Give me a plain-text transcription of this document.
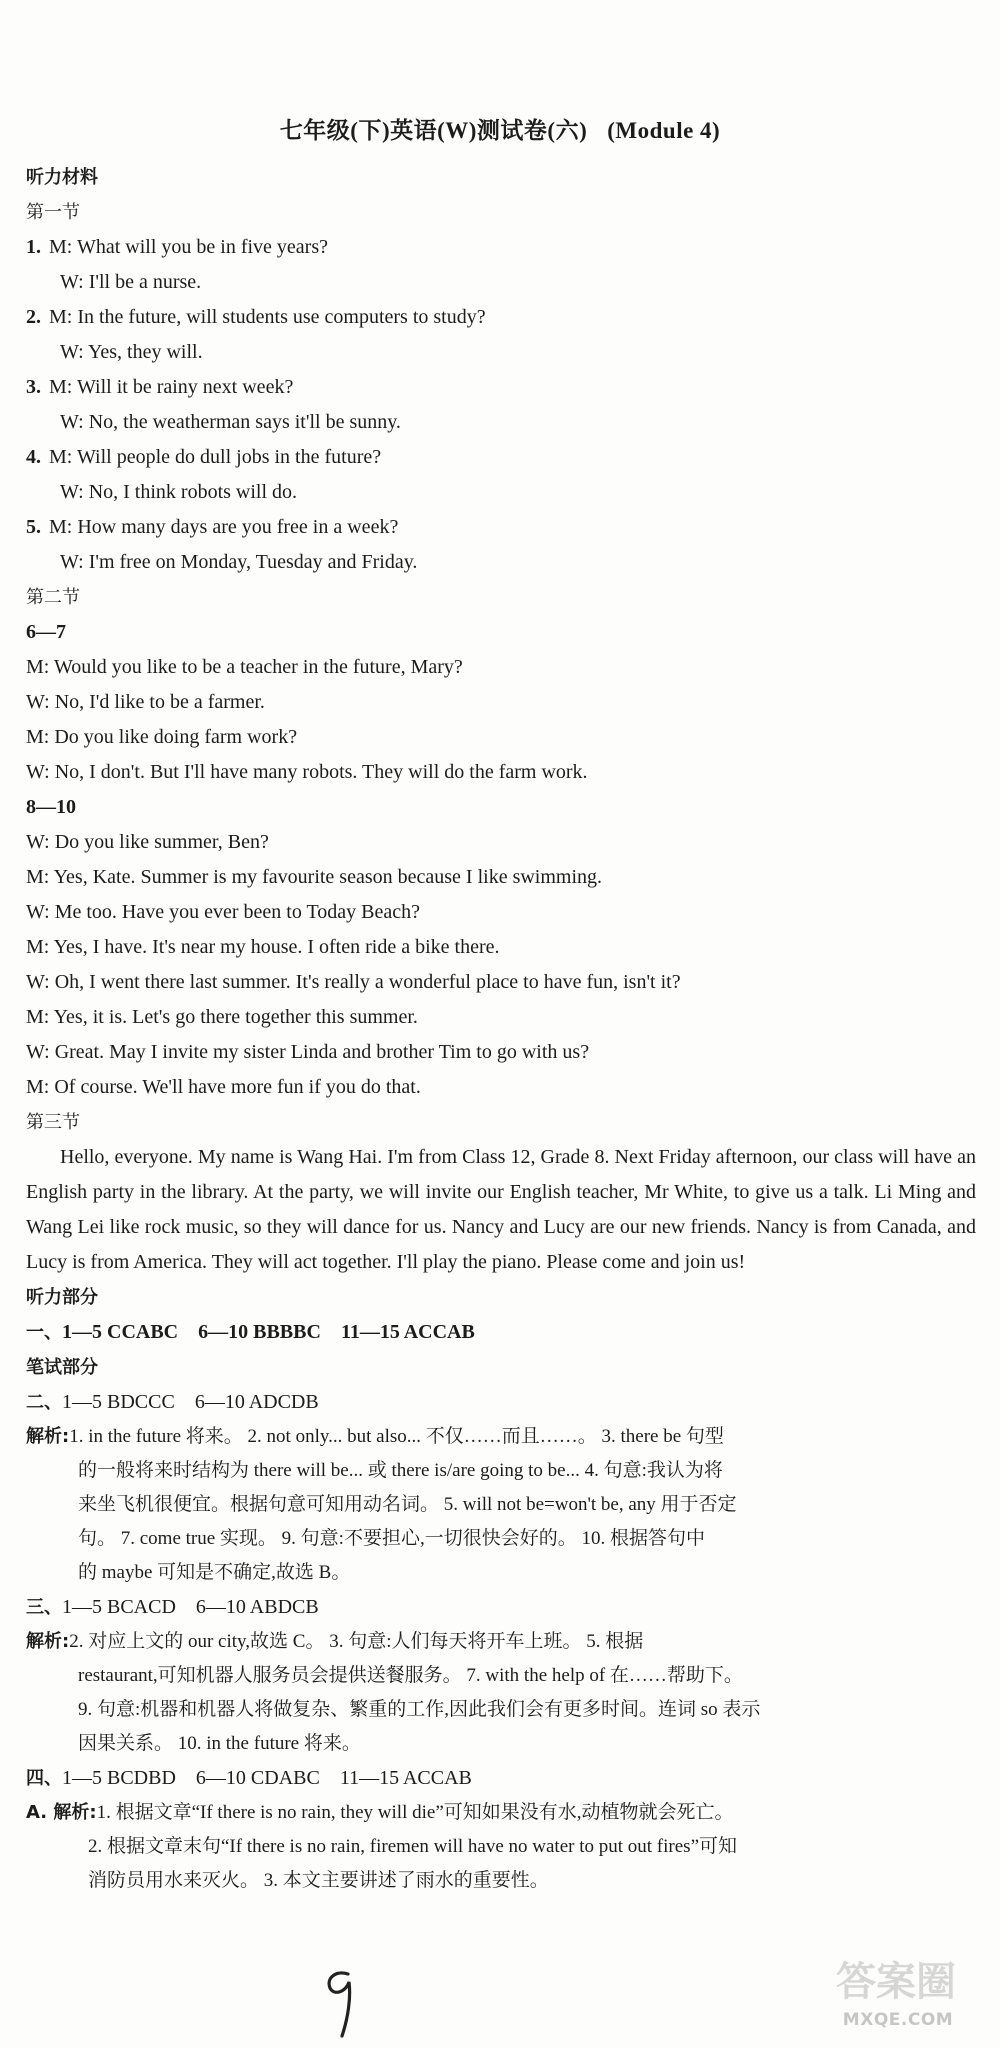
七年级(下)英语(W)测试卷(六) (Module 4)
听力材料
第一节
1. M: What will you be in five years?
W: I'll be a nurse.
2. M: In the future, will students use computers to study?
W: Yes, they will.
3. M: Will it be rainy next week?
W: No, the weatherman says it'll be sunny.
4. M: Will people do dull jobs in the future?
W: No, I think robots will do.
5. M: How many days are you free in a week?
W: I'm free on Monday, Tuesday and Friday.
第二节
6—7
M: Would you like to be a teacher in the future, Mary?
W: No, I'd like to be a farmer.
M: Do you like doing farm work?
W: No, I don't. But I'll have many robots. They will do the farm work.
8—10
W: Do you like summer, Ben?
M: Yes, Kate. Summer is my favourite season because I like swimming.
W: Me too. Have you ever been to Today Beach?
M: Yes, I have. It's near my house. I often ride a bike there.
W: Oh, I went there last summer. It's really a wonderful place to have fun, isn't it?
M: Yes, it is. Let's go there together this summer.
W: Great. May I invite my sister Linda and brother Tim to go with us?
M: Of course. We'll have more fun if you do that.
第三节
Hello, everyone. My name is Wang Hai. I'm from Class 12, Grade 8. Next Friday afternoon, our class will have an English party in the library. At the party, we will invite our English teacher, Mr White, to give us a talk. Li Ming and Wang Lei like rock music, so they will dance for us. Nancy and Lucy are our new friends. Nancy is from Canada, and Lucy is from America. They will act together. I'll play the piano. Please come and join us!
听力部分
一、1—5 CCABC 6—10 BBBBC 11—15 ACCAB
笔试部分
二、1—5 BDCCC 6—10 ADCDB
解析:1. in the future 将来。 2. not only... but also... 不仅……而且……。 3. there be 句型
的一般将来时结构为 there will be... 或 there is/are going to be... 4. 句意:我认为将
来坐飞机很便宜。根据句意可知用动名词。 5. will not be=won't be, any 用于否定
句。 7. come true 实现。 9. 句意:不要担心,一切很快会好的。 10. 根据答句中
的 maybe 可知是不确定,故选 B。
三、1—5 BCACD 6—10 ABDCB
解析:2. 对应上文的 our city,故选 C。 3. 句意:人们每天将开车上班。 5. 根据
restaurant,可知机器人服务员会提供送餐服务。 7. with the help of 在……帮助下。
9. 句意:机器和机器人将做复杂、繁重的工作,因此我们会有更多时间。连词 so 表示
因果关系。 10. in the future 将来。
四、1—5 BCDBD 6—10 CDABC 11—15 ACCAB
A. 解析:1. 根据文章“If there is no rain, they will die”可知如果没有水,动植物就会死亡。
2. 根据文章末句“If there is no rain, firemen will have no water to put out fires”可知
消防员用水来灭火。 3. 本文主要讲述了雨水的重要性。
答案圈
MXQE.COM
